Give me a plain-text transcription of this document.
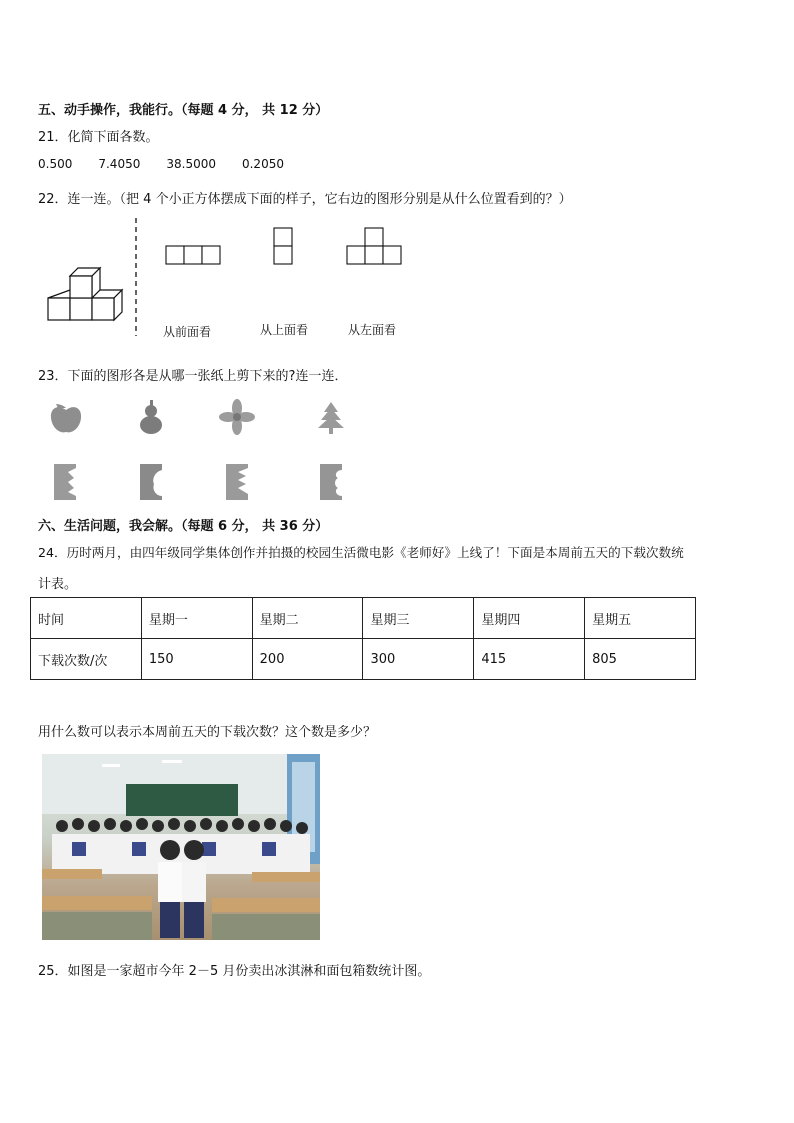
五、动手操作，我能行。（每题 4 分， 共 12 分）
21．化简下面各数。
0.500 7.4050 38.5000 0.2050
22．连一连。（把 4 个小正方体摆成下面的样子，它右边的图形分别是从什么位置看到的？）
从前面看	从上面看	从左面看
23．下面的图形各是从哪一张纸上剪下来的?连一连．
六、生活问题，我会解。（每题 6 分， 共 36 分）
24．历时两月，由四年级同学集体创作并拍摄的校园生活微电影《老师好》上线了！下面是本周前五天的下载次数统
计表。
时间	星期一	星期二	星期三	星期四	星期五
下载次数/次	150	200	300	415	805
用什么数可以表示本周前五天的下载次数？这个数是多少？
25．如图是一家超市今年 2－5 月份卖出冰淇淋和面包箱数统计图。
